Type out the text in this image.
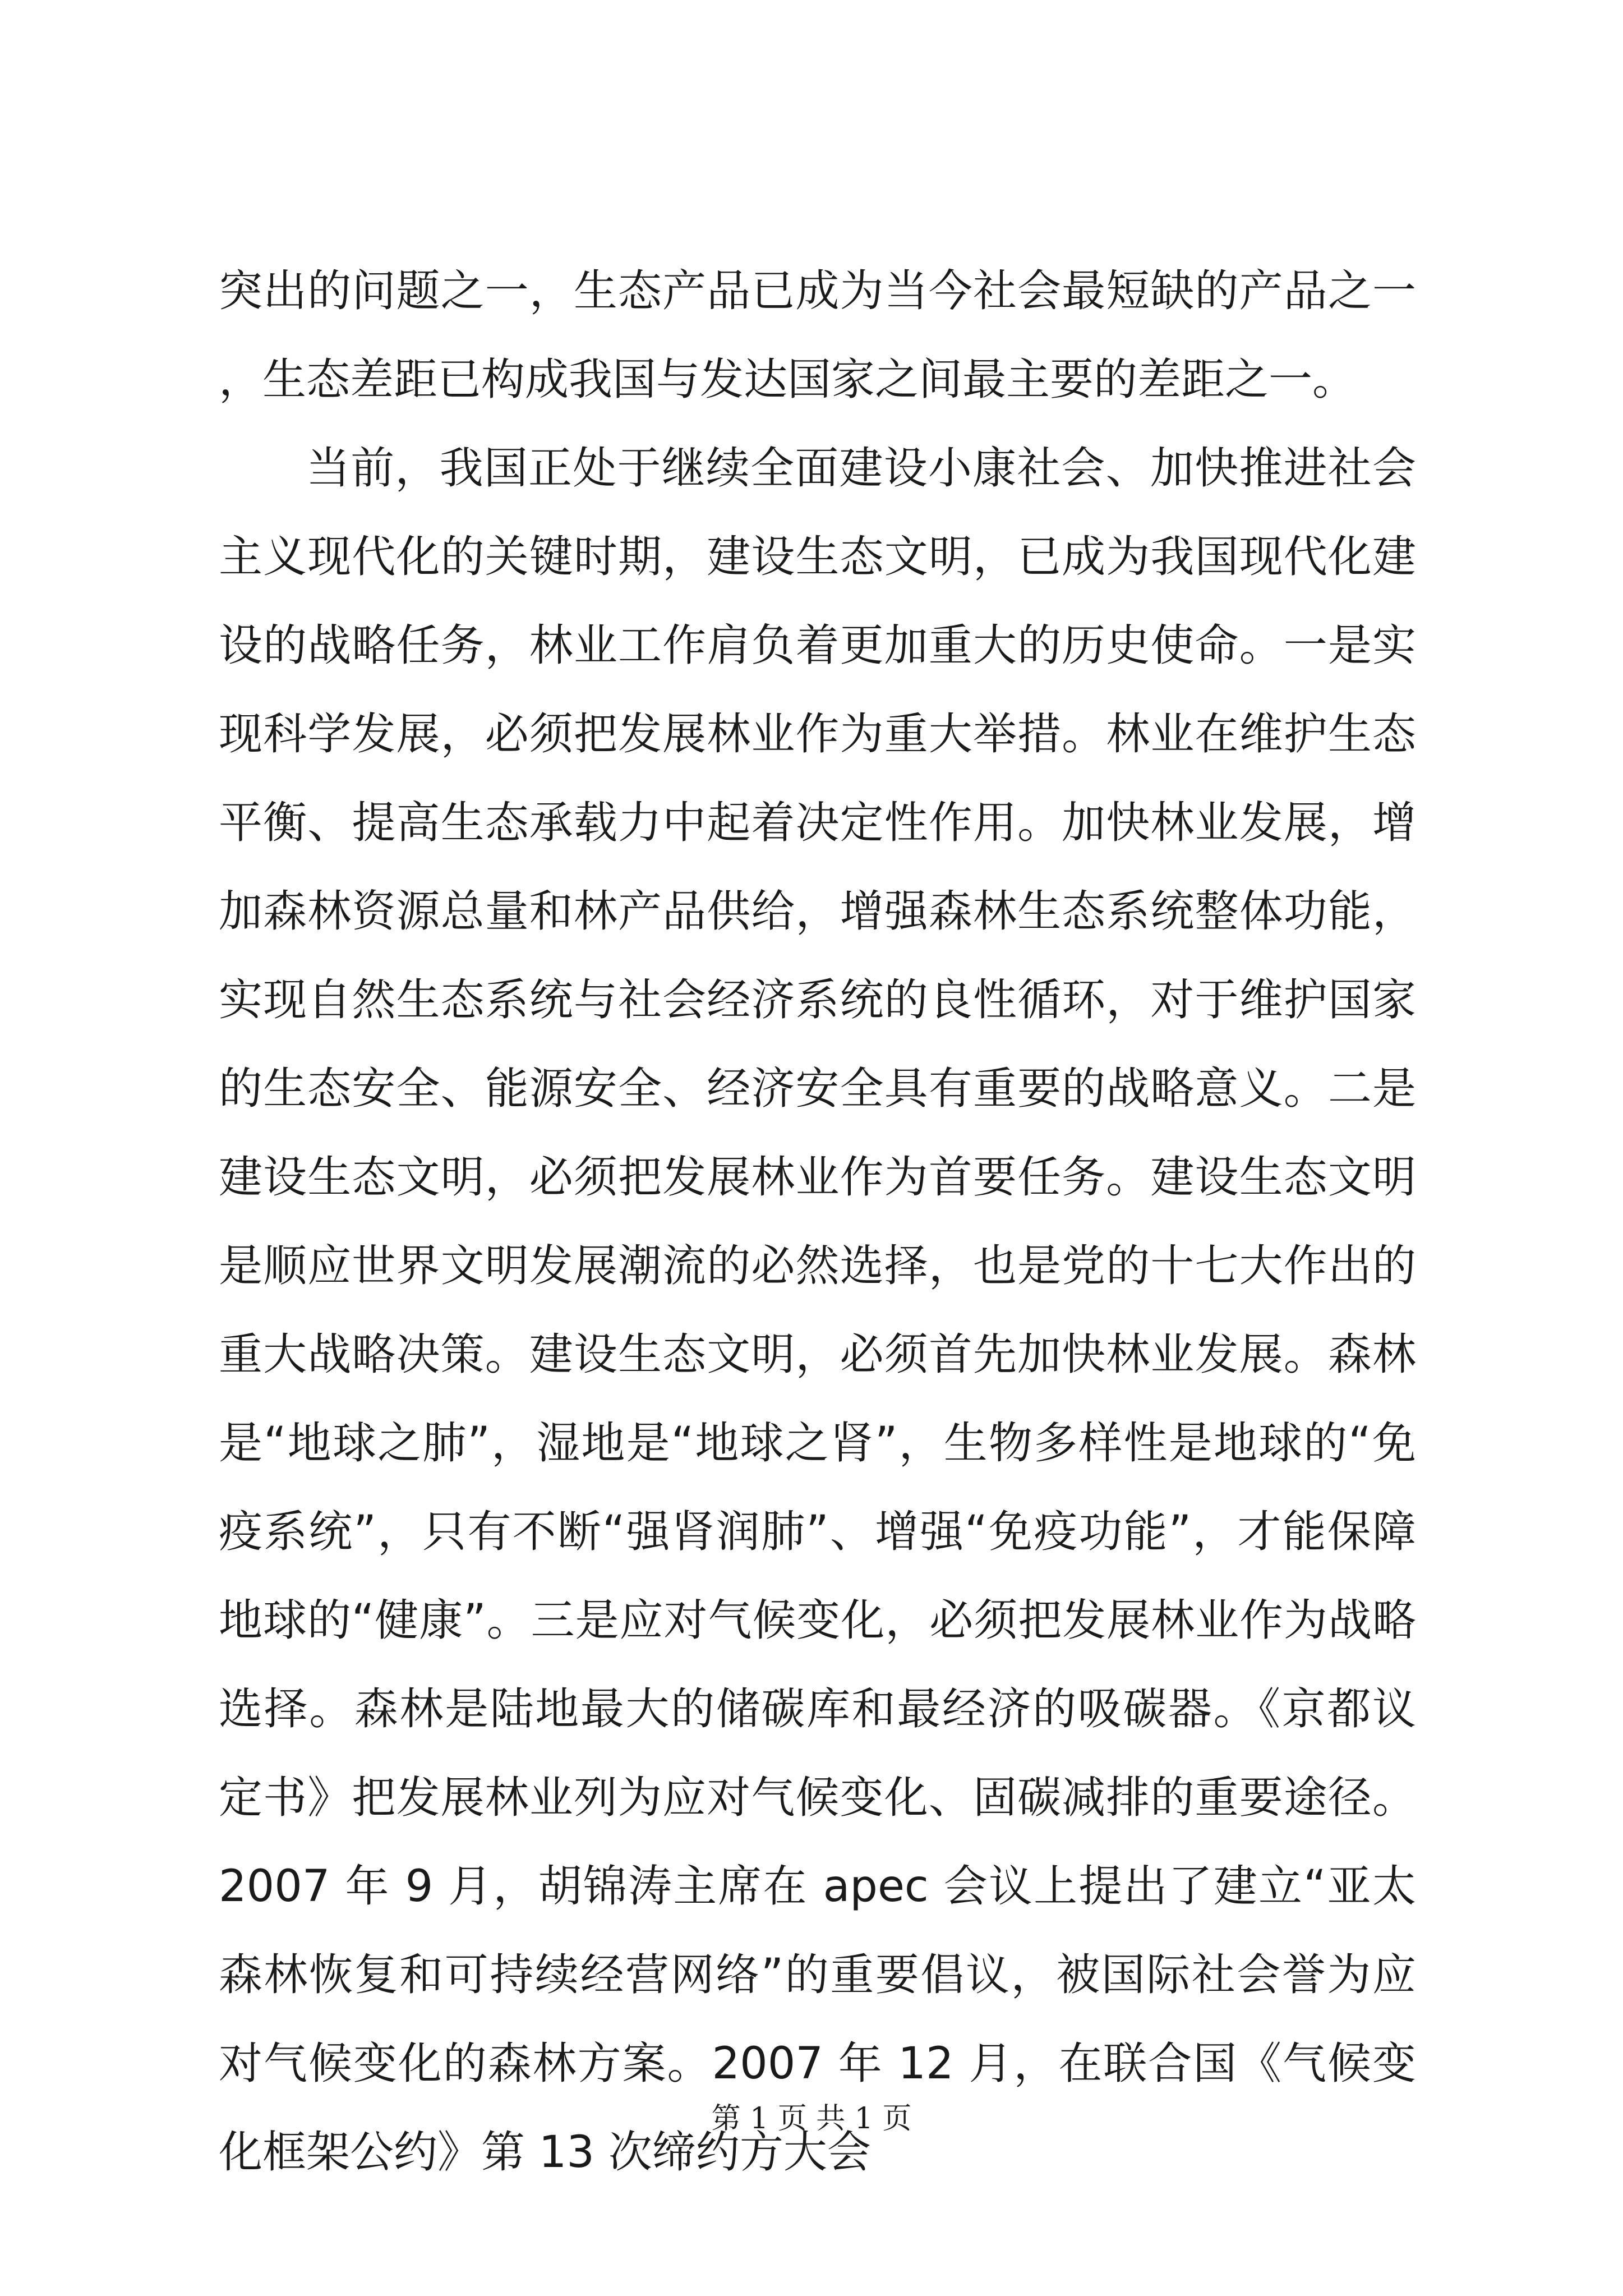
突出的问题之一，生态产品已成为当今社会最短缺的产品之一，生态差距已构成我国与发达国家之间最主要的差距之一。

当前，我国正处于继续全面建设小康社会、加快推进社会主义现代化的关键时期，建设生态文明，已成为我国现代化建设的战略任务，林业工作肩负着更加重大的历史使命。一是实现科学发展，必须把发展林业作为重大举措。林业在维护生态平衡、提高生态承载力中起着决定性作用。加快林业发展，增加森林资源总量和林产品供给，增强森林生态系统整体功能，实现自然生态系统与社会经济系统的良性循环，对于维护国家的生态安全、能源安全、经济安全具有重要的战略意义。二是建设生态文明，必须把发展林业作为首要任务。建设生态文明是顺应世界文明发展潮流的必然选择，也是党的十七大作出的重大战略决策。建设生态文明，必须首先加快林业发展。森林是“地球之肺”，湿地是“地球之肾”，生物多样性是地球的“免疫系统”，只有不断“强肾润肺”、增强“免疫功能”，才能保障地球的“健康”。三是应对气候变化，必须把发展林业作为战略选择。森林是陆地最大的储碳库和最经济的吸碳器。《京都议定书》把发展林业列为应对气候变化、固碳减排的重要途径。2007 年 9 月，胡锦涛主席在 apec 会议上提出了建立“亚太森林恢复和可持续经营网络”的重要倡议，被国际社会誉为应对气候变化的森林方案。2007 年 12 月，在联合国《气候变化框架公约》第 13 次缔约方大会

第 1 页 共 1 页
